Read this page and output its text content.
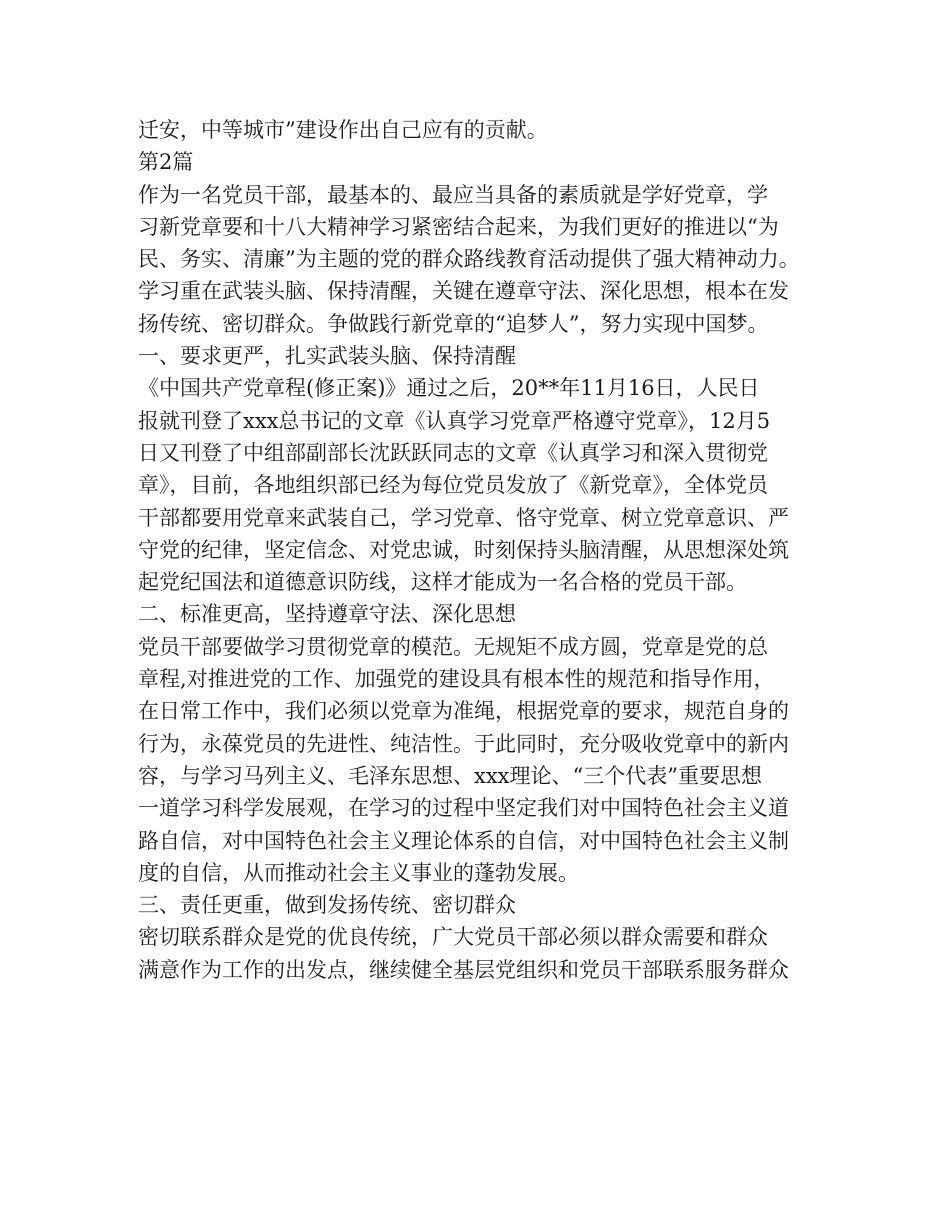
迁安，中等城市”建设作出自己应有的贡献。
第2篇
作为一名党员干部，最基本的、最应当具备的素质就是学好党章，学
习新党章要和十八大精神学习紧密结合起来，为我们更好的推进以“为
民、务实、清廉”为主题的党的群众路线教育活动提供了强大精神动力。
学习重在武装头脑、保持清醒，关键在遵章守法、深化思想，根本在发
扬传统、密切群众。争做践行新党章的“追梦人”，努力实现中国梦。
一、要求更严，扎实武装头脑、保持清醒
《中国共产党章程(修正案)》通过之后，20**年11月16日，人民日
报就刊登了xxx总书记的文章《认真学习党章严格遵守党章》，12月5
日又刊登了中组部副部长沈跃跃同志的文章《认真学习和深入贯彻党
章》，目前，各地组织部已经为每位党员发放了《新党章》，全体党员
干部都要用党章来武装自己，学习党章、恪守党章、树立党章意识、严
守党的纪律，坚定信念、对党忠诚，时刻保持头脑清醒，从思想深处筑
起党纪国法和道德意识防线，这样才能成为一名合格的党员干部。
二、标准更高，坚持遵章守法、深化思想
党员干部要做学习贯彻党章的模范。无规矩不成方圆，党章是党的总
章程,对推进党的工作、加强党的建设具有根本性的规范和指导作用，
在日常工作中，我们必须以党章为准绳，根据党章的要求，规范自身的
行为，永葆党员的先进性、纯洁性。于此同时，充分吸收党章中的新内
容，与学习马列主义、毛泽东思想、xxx理论、“三个代表”重要思想
一道学习科学发展观，在学习的过程中坚定我们对中国特色社会主义道
路自信，对中国特色社会主义理论体系的自信，对中国特色社会主义制
度的自信，从而推动社会主义事业的蓬勃发展。
三、责任更重，做到发扬传统、密切群众
密切联系群众是党的优良传统，广大党员干部必须以群众需要和群众
满意作为工作的出发点，继续健全基层党组织和党员干部联系服务群众
